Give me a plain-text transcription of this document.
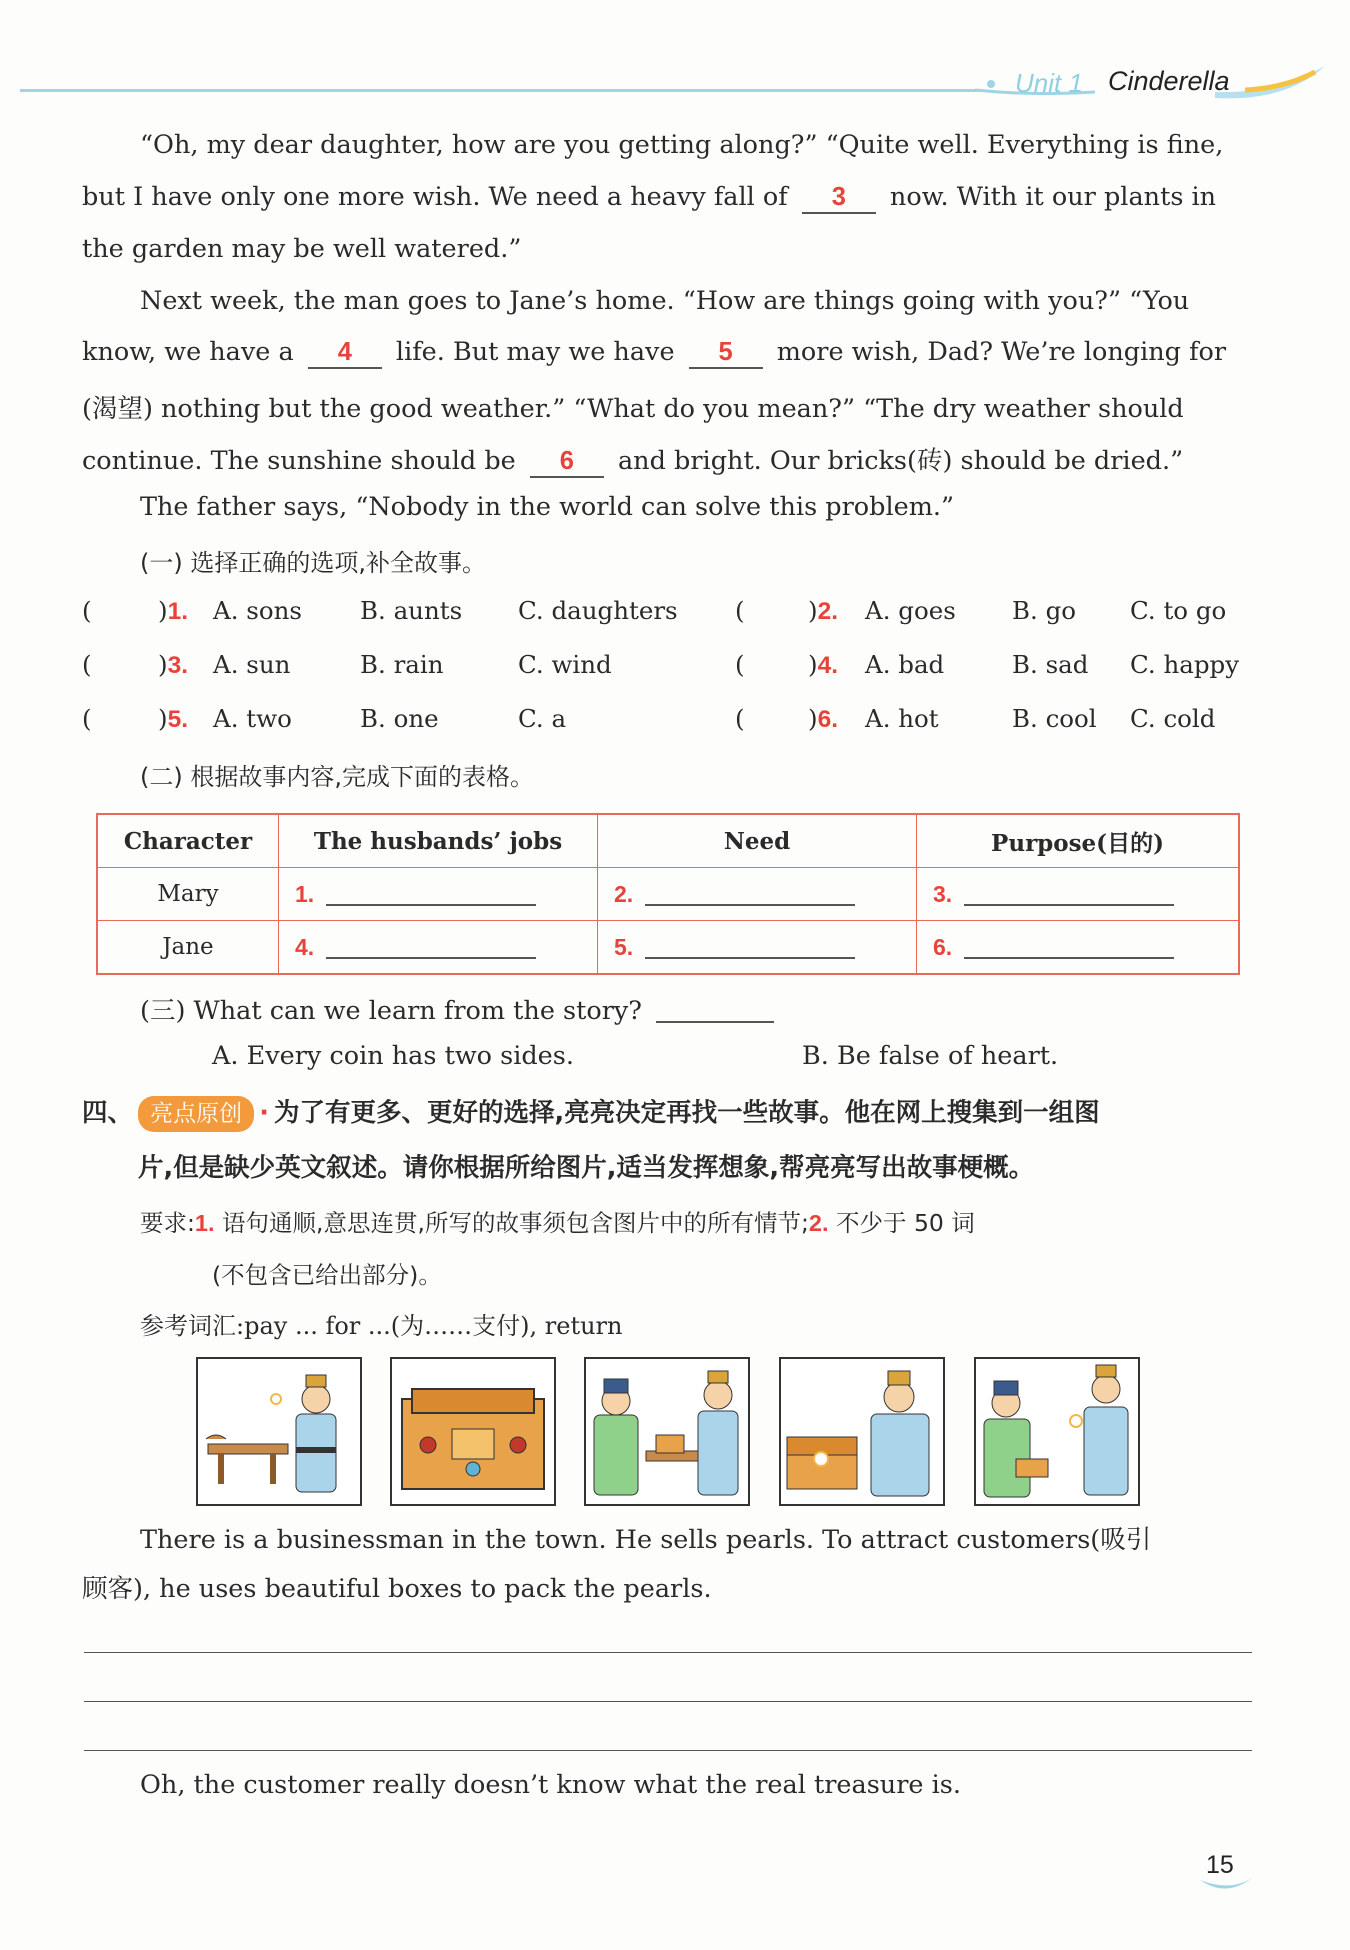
Unit 1 Cinderella
“Oh, my dear daughter, how are you getting along?” “Quite well. Everything is fine,
but I have only one more wish. We need a heavy fall of 3 now. With it our plants in
the garden may be well watered.”
Next week, the man goes to Jane’s home. “How are things going with you?” “You
know, we have a 4 life. But may we have 5 more wish, Dad? We’re longing for
(渴望) nothing but the good weather.” “What do you mean?” “The dry weather should
continue. The sunshine should be 6 and bright. Our bricks(砖) should be dried.”
The father says, “Nobody in the world can solve this problem.”
(一) 选择正确的选项,补全故事。
(	)1. A. sons B. aunts C. daughters (	)2. A. goes B. go C. to go
(	)3. A. sun	B. rain	C. wind	(	)4. A. bad	B. sad C. happy
(	)5. A. two	B. one	C. a	(	)6. A. hot	B. cool C. cold
(二) 根据故事内容,完成下面的表格。
Character	The husbands’ jobs	Need	Purpose(目的)
Mary	1.	2.	3.
Jane	4.	5.	6.
(三) What can we learn from the story?
A. Every coin has two sides.	B. Be false of heart.
四、 亮点原创 · 为了有更多、更好的选择,亮亮决定再找一些故事。他在网上搜集到一组图
片,但是缺少英文叙述。请你根据所给图片,适当发挥想象,帮亮亮写出故事梗概。
要求:1. 语句通顺,意思连贯,所写的故事须包含图片中的所有情节;2. 不少于 50 词
(不包含已给出部分)。
参考词汇:pay ... for ...(为……支付), return
There is a businessman in the town. He sells pearls. To attract customers(吸引
顾客), he uses beautiful boxes to pack the pearls.
Oh, the customer really doesn’t know what the real treasure is.
15
